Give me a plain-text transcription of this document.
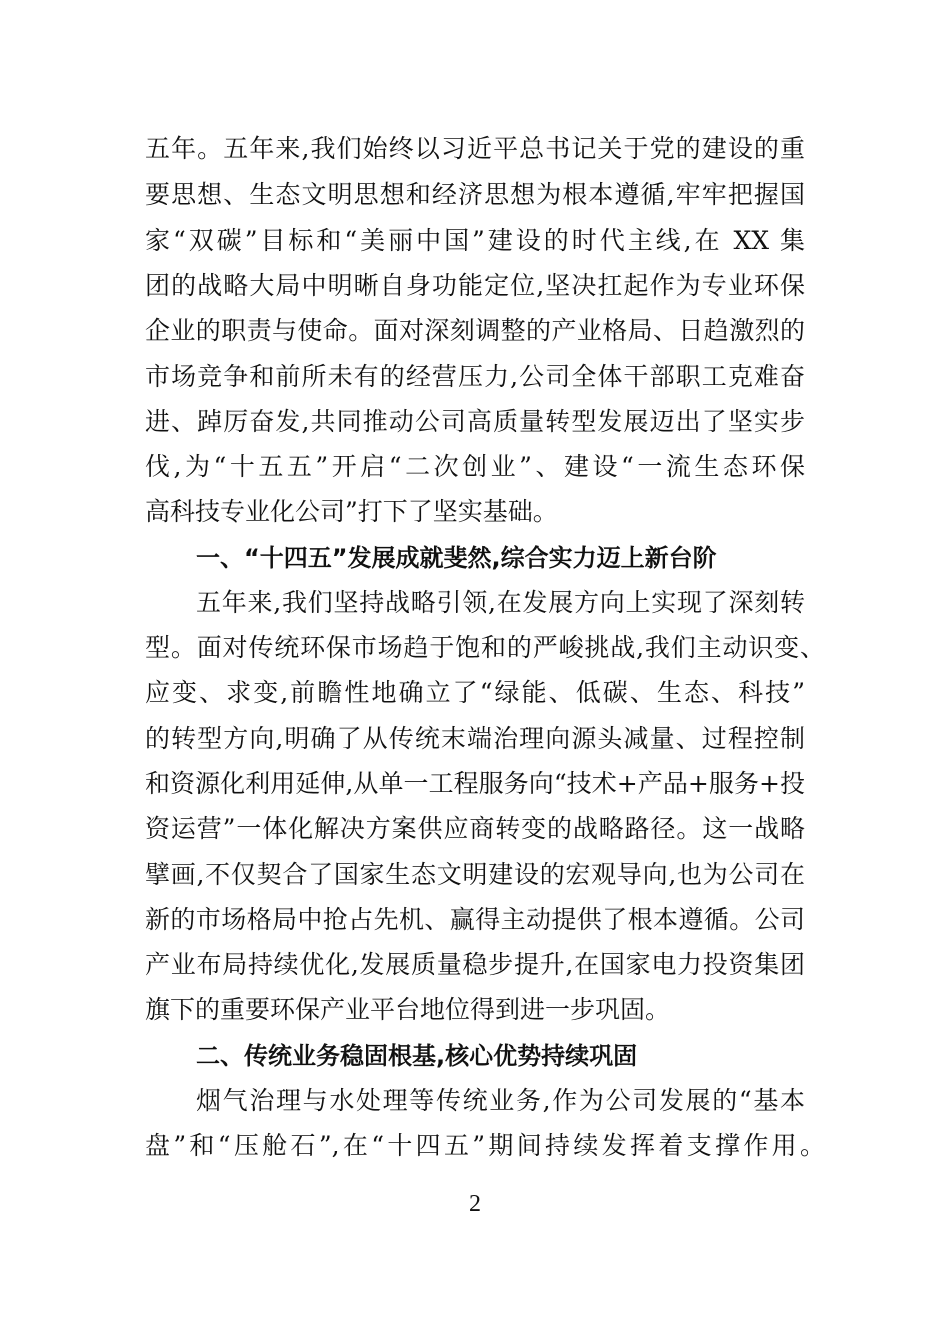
五年。五年来,我们始终以习近平总书记关于党的建设的重
要思想、生态文明思想和经济思想为根本遵循,牢牢把握国
家“双碳”目标和“美丽中国”建设的时代主线,在 XX 集
团的战略大局中明晰自身功能定位,坚决扛起作为专业环保
企业的职责与使命。面对深刻调整的产业格局、日趋激烈的
市场竞争和前所未有的经营压力,公司全体干部职工克难奋
进、踔厉奋发,共同推动公司高质量转型发展迈出了坚实步
伐,为“十五五”开启“二次创业”、建设“一流生态环保
高科技专业化公司”打下了坚实基础。
一、“十四五”发展成就斐然,综合实力迈上新台阶
五年来,我们坚持战略引领,在发展方向上实现了深刻转
型。面对传统环保市场趋于饱和的严峻挑战,我们主动识变、
应变、求变,前瞻性地确立了“绿能、低碳、生态、科技”
的转型方向,明确了从传统末端治理向源头减量、过程控制
和资源化利用延伸,从单一工程服务向“技术+产品+服务+投
资运营”一体化解决方案供应商转变的战略路径。这一战略
擘画,不仅契合了国家生态文明建设的宏观导向,也为公司在
新的市场格局中抢占先机、赢得主动提供了根本遵循。公司
产业布局持续优化,发展质量稳步提升,在国家电力投资集团
旗下的重要环保产业平台地位得到进一步巩固。
二、传统业务稳固根基,核心优势持续巩固
烟气治理与水处理等传统业务,作为公司发展的“基本
盘”和“压舱石”,在“十四五”期间持续发挥着支撑作用。
2
